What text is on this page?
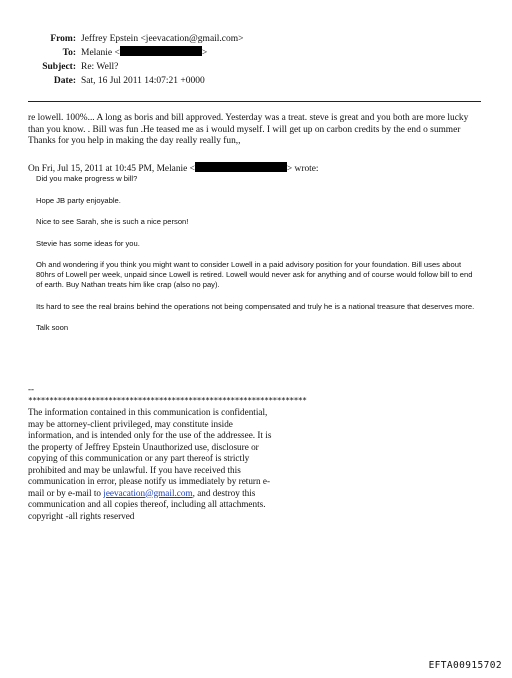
From: Jeffrey Epstein <jeevacation@gmail.com>
To: Melanie <	>
Subject: Re: Well?
Date: Sat, 16 Jul 2011 14:07:21 +0000

re lowell. 100%... A long as boris and bill approved. Yesterday was a treat. steve is great and you both are more lucky than you know. . Bill was fun .He teased me as i would myself. I will get up on carbon credits by the end o summer Thanks for you help in making the day really really fun,,

On Fri, Jul 15, 2011 at 10:45 PM, Melanie <	> wrote:

Did you make progress w bill?

Hope JB party enjoyable.

Nice to see Sarah, she is such a nice person!

Stevie has some ideas for you.

Oh and wondering if you think you might want to consider Lowell in a paid advisory position for your foundation. Bill uses about 80hrs of Lowell per week, unpaid since Lowell is retired. Lowell would never ask for anything and of course would follow bill to end of earth. Buy Nathan treats him like crap (also no pay).

Its hard to see the real brains behind the operations not being compensated and truly he is a national treasure that deserves more.

Talk soon

--
******************************************************************
The information contained in this communication is confidential, may be attorney-client privileged, may constitute inside information, and is intended only for the use of the addressee. It is the property of Jeffrey Epstein Unauthorized use, disclosure or copying of this communication or any part thereof is strictly prohibited and may be unlawful. If you have received this communication in error, please notify us immediately by return e-mail or by e-mail to jeevacation@gmail.com, and destroy this communication and all copies thereof, including all attachments. copyright -all rights reserved
EFTA00915702
